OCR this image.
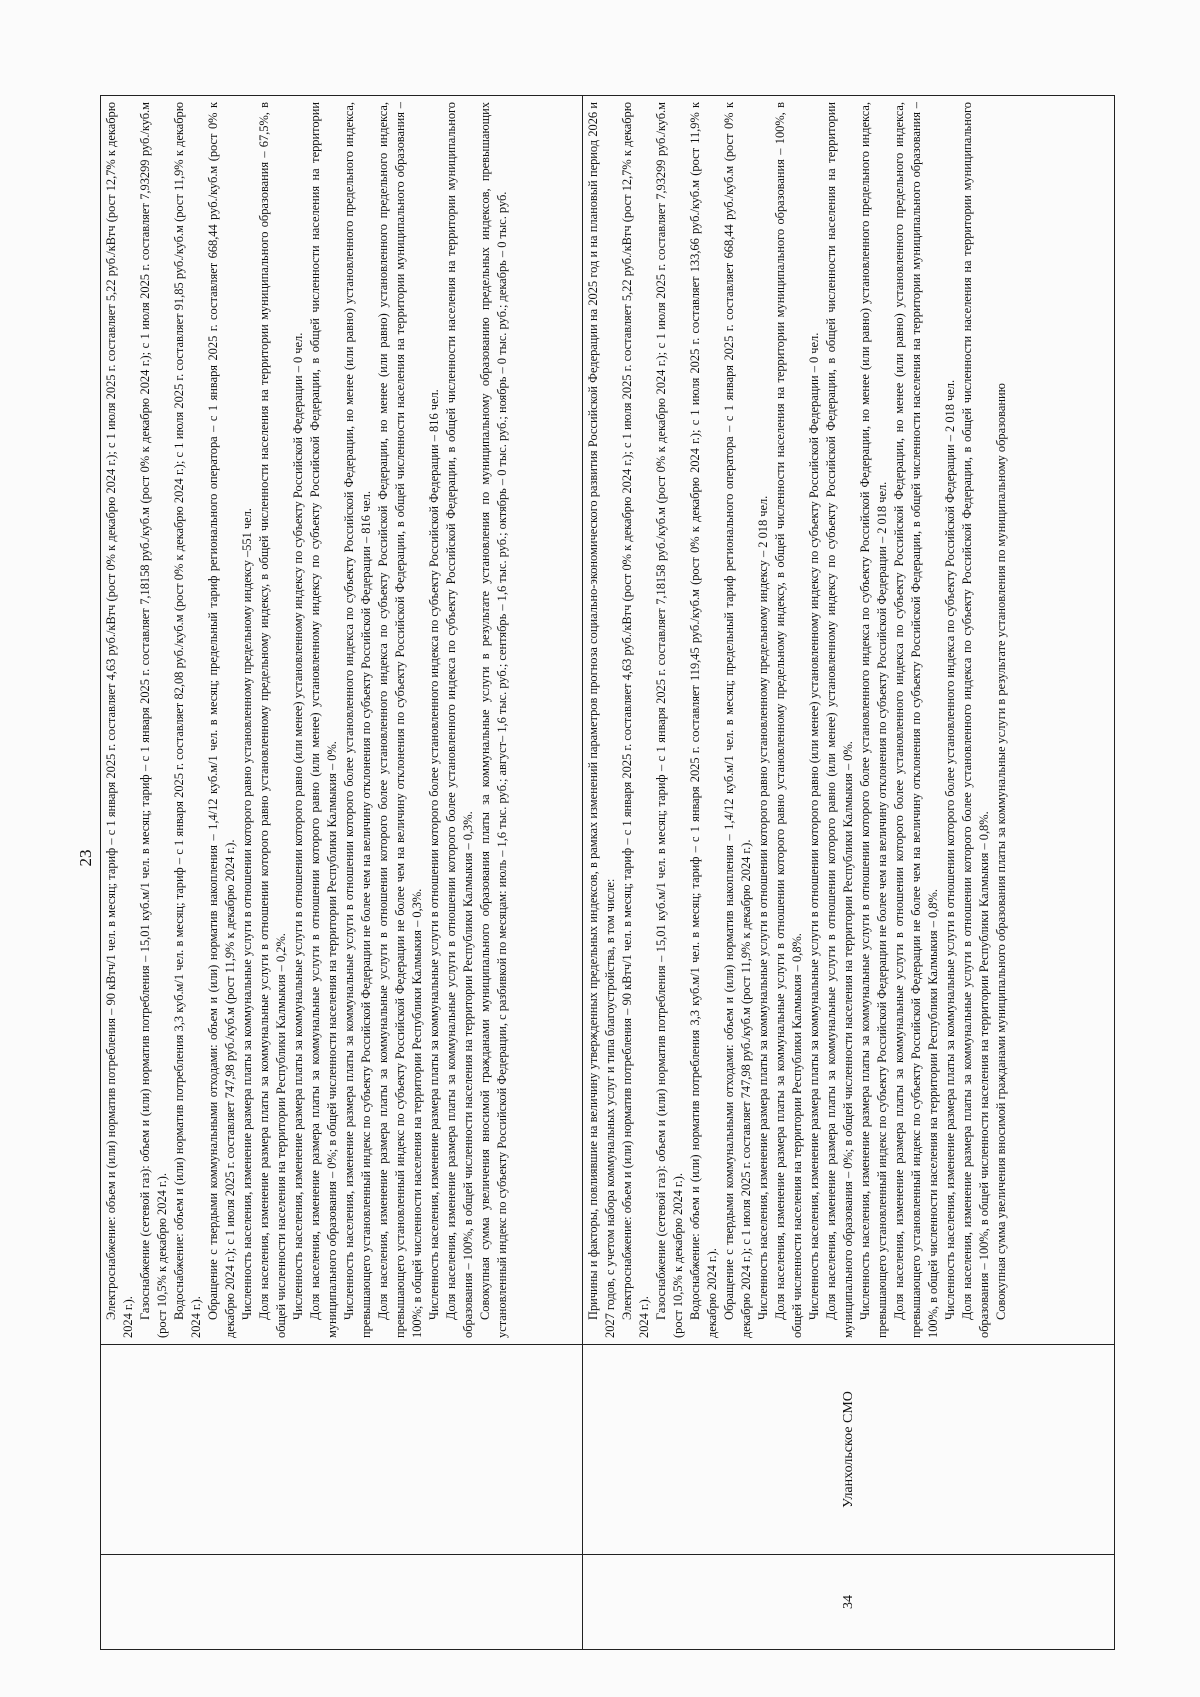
23 Электроснабжение: объем и (или) норматив потребления – 90 кВтч/1 чел. в месяц; тариф – с 1 января 2025 г. составляет 4,63 руб./кВтч (рост 0% к декабрю 2024 г.); с 1 июля 2025 г. составляет 5,22 руб./кВтч (рост 12,7% к декабрю 2024 г.). Газоснабжение (сетевой газ): объем и (или) норматив потребления – 15,01 куб.м/1 чел. в месяц; тариф – с 1 января 2025 г. составляет 7,18158 руб./куб.м (рост 0% к декабрю 2024 г.); с 1 июля 2025 г. составляет 7,93299 руб./куб.м (рост 10,5% к декабрю 2024 г.). Водоснабжение: объем и (или) норматив потребления 3,3 куб.м/1 чел. в месяц; тариф – с 1 января 2025 г. составляет 82,08 руб./куб.м (рост 0% к декабрю 2024 г.); с 1 июля 2025 г. составляет 91,85 руб./куб.м (рост 11,9% к декабрю 2024 г.). Обращение с твердыми коммунальными отходами: объем и (или) норматив накопления – 1,4/12 куб.м/1 чел. в месяц; предельный тариф регионального оператора – с 1 января 2025 г. составляет 668,44 руб./куб.м (рост 0% к декабрю 2024 г.); с 1 июля 2025 г. составляет 747,98 руб./куб.м (рост 11,9% к декабрю 2024 г.). Численность населения, изменение размера платы за коммунальные услуги в отношении которого равно установленному предельному индексу –551 чел. Доля населения, изменение размера платы за коммунальные услуги в отношении которого равно установленному предельному индексу, в общей численности населения на территории муниципального образования – 67,5%, в общей численности населения на территории Республики Калмыкия – 0,2%. Численность населения, изменение размера платы за коммунальные услуги в отношении которого равно (или менее) установленному индексу по субъекту Российской Федерации – 0 чел. Доля населения, изменение размера платы за коммунальные услуги в отношении которого равно (или менее) установленному индексу по субъекту Российской Федерации, в общей численности населения на территории муниципального образования – 0%; в общей численности населения на территории Республики Калмыкия – 0%. Численность населения, изменение размера платы за коммунальные услуги в отношении которого более установленного индекса по субъекту Российской Федерации, но менее (или равно) установленного предельного индекса, превышающего установленный индекс по субъекту Российской Федерации не более чем на величину отклонения по субъекту Российской Федерации – 816 чел. Доля населения, изменение размера платы за коммунальные услуги в отношении которого более установленного индекса по субъекту Российской Федерации, но менее (или равно) установленного предельного индекса, превышающего установленный индекс по субъекту Российской Федерации не более чем на величину отклонения по субъекту Российской Федерации, в общей численности населения на территории муниципального образования – 100%; в общей численности населения на территории Республики Калмыкия – 0,3%. Численность населения, изменение размера платы за коммунальные услуги в отношении которого более установленного индекса по субъекту Российской Федерации – 816 чел. Доля населения, изменение размера платы за коммунальные услуги в отношении которого более установленного индекса по субъекту Российской Федерации, в общей численности населения на территории муниципального образования – 100%, в общей численности населения на территории Республики Калмыкия – 0,3%. Совокупная сумма увеличения вносимой гражданами муниципального образования платы за коммунальные услуги в результате установления по муниципальному образованию предельных индексов, превышающих установленный индекс по субъекту Российской Федерации, с разбивкой по месяцам: июль – 1,6 тыс. руб.; август– 1,6 тыс. руб.; сентябрь – 1,6 тыс. руб.; октябрь – 0 тыс. руб.; ноябрь – 0 тыс. руб.; декабрь – 0 тыс. руб.

34
Уланхольское СМО

Причины и факторы, повлиявшие на величину утвержденных предельных индексов, в рамках изменений параметров прогноза социально-экономического развития Российской Федерации на 2025 год и на плановый период 2026 и 2027 годов, с учетом набора коммунальных услуг и типа благоустройства, в том числе: Электроснабжение: объем и (или) норматив потребления – 90 кВтч/1 чел. в месяц; тариф – с 1 января 2025 г. составляет 4,63 руб./кВтч (рост 0% к декабрю 2024 г.); с 1 июля 2025 г. составляет 5,22 руб./кВтч (рост 12,7% к декабрю 2024 г.). Газоснабжение (сетевой газ): объем и (или) норматив потребления – 15,01 куб.м/1 чел. в месяц; тариф – с 1 января 2025 г. составляет 7,18158 руб./куб.м (рост 0% к декабрю 2024 г.); с 1 июля 2025 г. составляет 7,93299 руб./куб.м (рост 10,5% к декабрю 2024 г.). Водоснабжение: объем и (или) норматив потребления 3,3 куб.м/1 чел. в месяц; тариф – с 1 января 2025 г. составляет 119,45 руб./куб.м (рост 0% к декабрю 2024 г.); с 1 июля 2025 г. составляет 133,66 руб./куб.м (рост 11,9% к декабрю 2024 г.). Обращение с твердыми коммунальными отходами: объем и (или) норматив накопления – 1,4/12 куб.м/1 чел. в месяц; предельный тариф регионального оператора – с 1 января 2025 г. составляет 668,44 руб./куб.м (рост 0% к декабрю 2024 г.); с 1 июля 2025 г. составляет 747,98 руб./куб.м (рост 11,9% к декабрю 2024 г.). Численность населения, изменение размера платы за коммунальные услуги в отношении которого равно установленному предельному индексу – 2 018 чел. Доля населения, изменение размера платы за коммунальные услуги в отношении которого равно установленному предельному индексу, в общей численности населения на территории муниципального образования – 100%, в общей численности населения на территории Республики Калмыкия – 0,8%. Численность населения, изменение размера платы за коммунальные услуги в отношении которого равно (или менее) установленному индексу по субъекту Российской Федерации – 0 чел. Доля населения, изменение размера платы за коммунальные услуги в отношении которого равно (или менее) установленному индексу по субъекту Российской Федерации, в общей численности населения на территории муниципального образования – 0%; в общей численности населения на территории Республики Калмыкия – 0%. Численность населения, изменение размера платы за коммунальные услуги в отношении которого более установленного индекса по субъекту Российской Федерации, но менее (или равно) установленного предельного индекса, превышающего установленный индекс по субъекту Российской Федерации не более чем на величину отклонения по субъекту Российской Федерации – 2 018 чел. Доля населения, изменение размера платы за коммунальные услуги в отношении которого более установленного индекса по субъекту Российской Федерации, но менее (или равно) установленного предельного индекса, превышающего установленный индекс по субъекту Российской Федерации не более чем на величину отклонения по субъекту Российской Федерации, в общей численности населения на территории муниципального образования – 100%, в общей численности населения на территории Республики Калмыкия – 0,8%. Численность населения, изменение размера платы за коммунальные услуги в отношении которого более установленного индекса по субъекту Российской Федерации – 2 018 чел. Доля населения, изменение размера платы за коммунальные услуги в отношении которого более установленного индекса по субъекту Российской Федерации, в общей численности населения на территории муниципального образования – 100%, в общей численности населения на территории Республики Калмыкия – 0,8%. Совокупная сумма увеличения вносимой гражданами муниципального образования платы за коммунальные услуги в результате установления по муниципальному образованию
